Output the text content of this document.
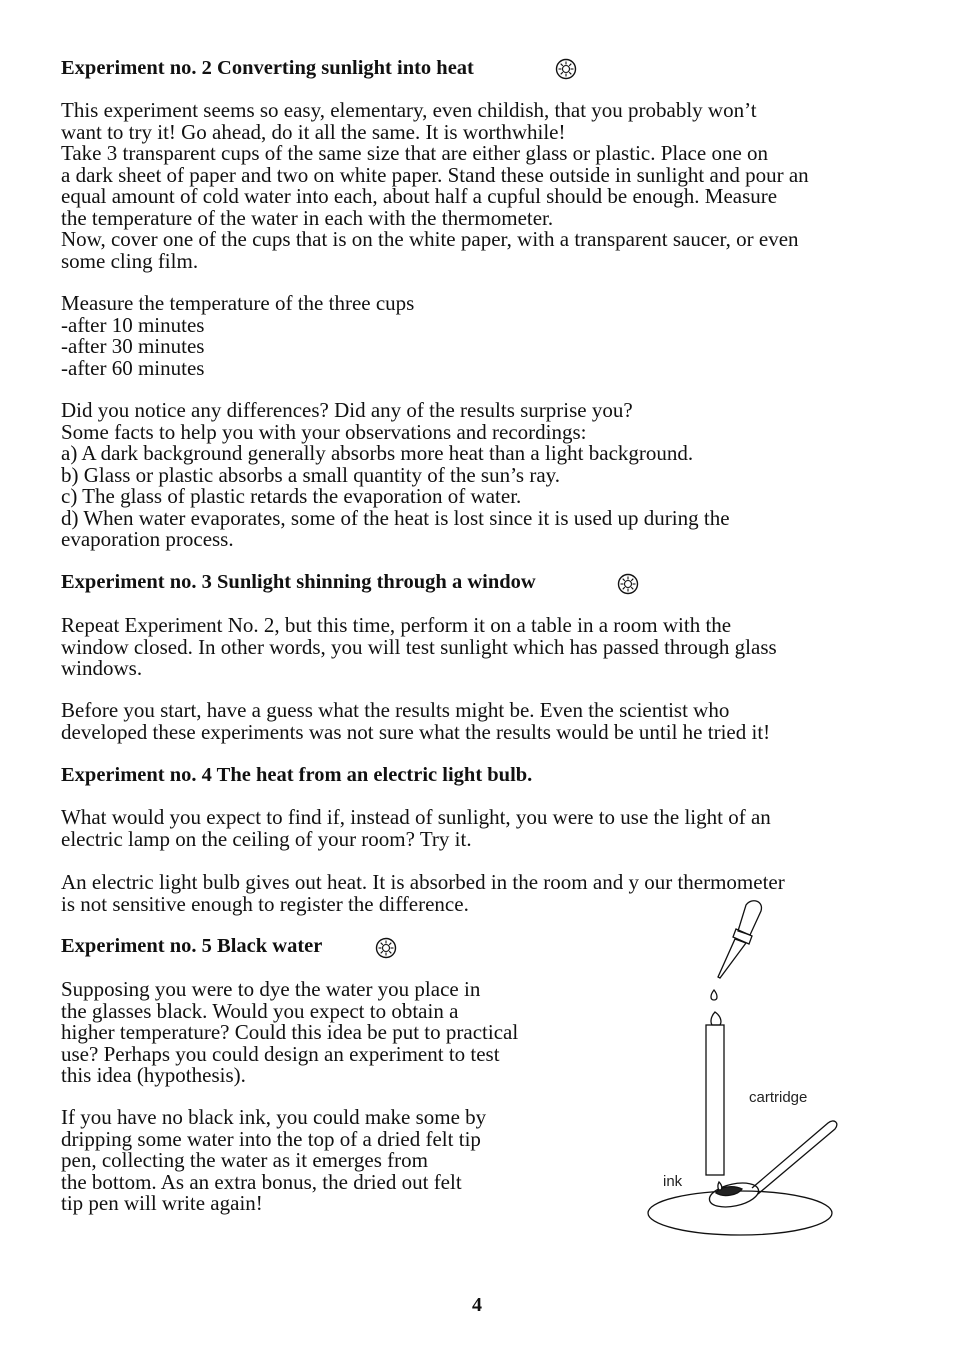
Experiment no. 2 Converting sunlight into heat
This experiment seems so easy, elementary, even childish, that you probably won’t
want to try it! Go ahead, do it all the same. It is worthwhile!
Take 3 transparent cups of the same size that are either glass or plastic. Place one on
a dark sheet of paper and two on white paper. Stand these outside in sunlight and pour an
equal amount of cold water into each, about half a cupful should be enough. Measure
the temperature of the water in each with the thermometer.
Now, cover one of the cups that is on the white paper, with a transparent saucer, or even
some cling film.
Measure the temperature of the three cups
-after 10 minutes
-after 30 minutes
-after 60 minutes
Did you notice any differences? Did any of the results surprise you?
Some facts to help you with your observations and recordings:
a) A dark background generally absorbs more heat than a light background.
b) Glass or plastic absorbs a small quantity of the sun’s ray.
c) The glass of plastic retards the evaporation of water.
d) When water evaporates, some of the heat is lost since it is used up during the
evaporation process.
Experiment no. 3 Sunlight shinning through a window
Repeat Experiment No. 2, but this time, perform it on a table in a room with the
window closed. In other words, you will test sunlight which has passed through glass
windows.
Before you start, have a guess what the results might be. Even the scientist who
developed these experiments was not sure what the results would be until he tried it!
Experiment no. 4 The heat from an electric light bulb.
What would you expect to find if, instead of sunlight, you were to use the light of an
electric lamp on the ceiling of your room? Try it.
An electric light bulb gives out heat. It is absorbed in the room and y our thermometer
is not sensitive enough to register the difference.
Experiment no. 5 Black water
Supposing you were to dye the water you place in
the glasses black. Would you expect to obtain a
higher temperature? Could this idea be put to practical
use? Perhaps you could design an experiment to test
this idea (hypothesis).
If you have no black ink, you could make some by
dripping some water into the top of a dried felt tip
pen, collecting the water as it emerges from
the bottom. As an extra bonus, the dried out felt
tip pen will write again!
cartridge
ink
4
